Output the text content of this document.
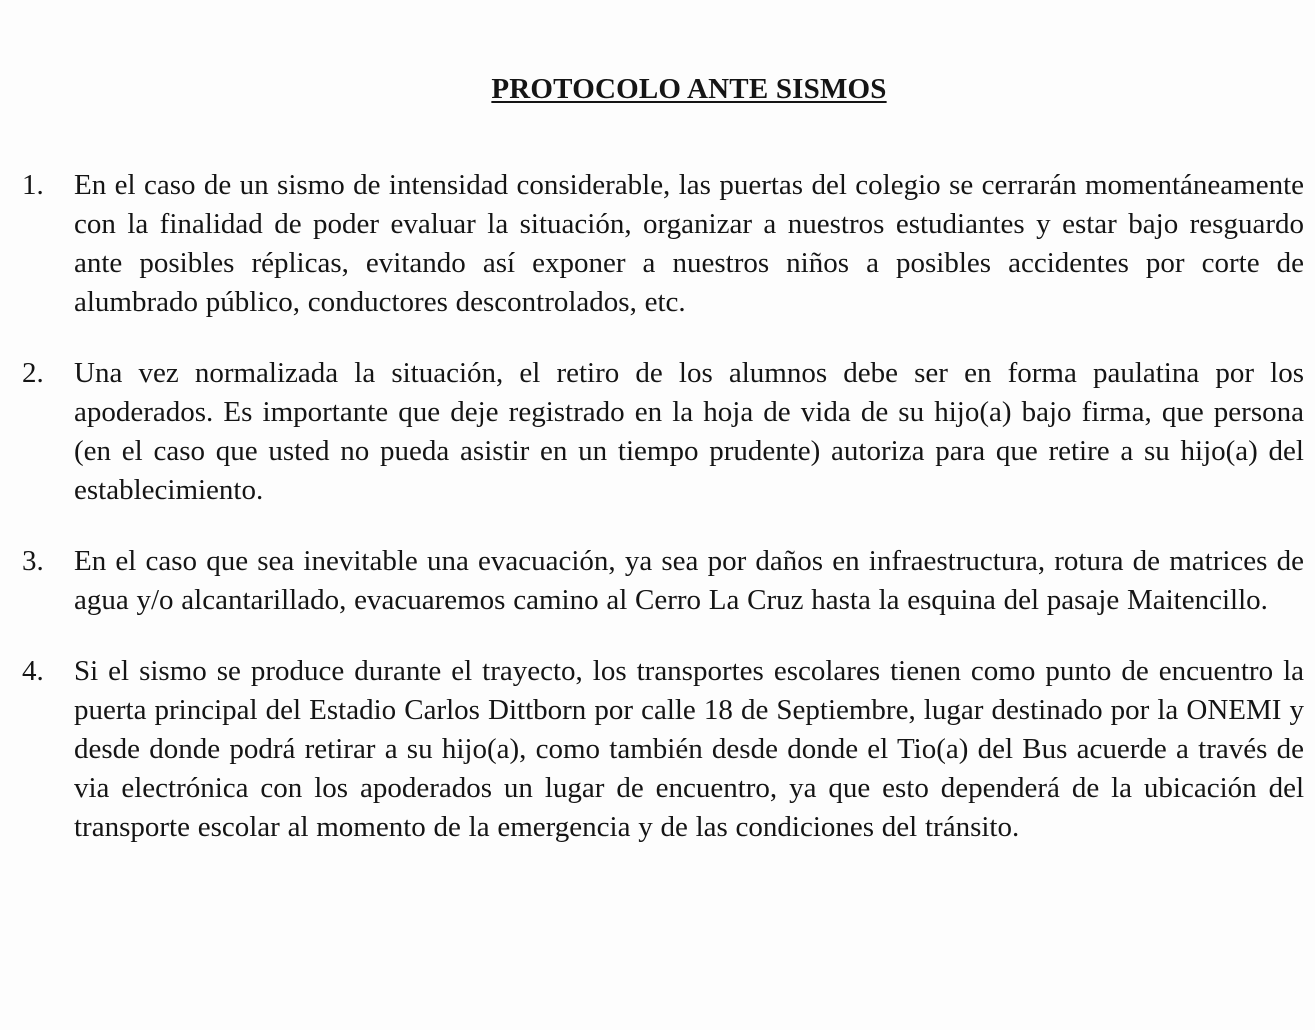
PROTOCOLO ANTE SISMOS
1.	En el caso de un sismo de intensidad considerable, las puertas del colegio se cerrarán momentáneamente con la finalidad de poder evaluar la situación, organizar a nuestros estudiantes y estar bajo resguardo ante posibles réplicas, evitando así exponer a nuestros niños a posibles accidentes por corte de alumbrado público, conductores descontrolados, etc.
2.	Una vez normalizada la situación, el retiro de los alumnos debe ser en forma paulatina por los apoderados. Es importante que deje registrado en la hoja de vida de su hijo(a) bajo firma, que persona (en el caso que usted no pueda asistir en un tiempo prudente) autoriza para que retire a su hijo(a) del establecimiento.
3.	En el caso que sea inevitable una evacuación, ya sea por daños en infraestructura, rotura de matrices de agua y/o alcantarillado, evacuaremos camino al Cerro La Cruz hasta la esquina del pasaje Maitencillo.
4.	Si el sismo se produce durante el trayecto, los transportes escolares tienen como punto de encuentro la puerta principal del Estadio Carlos Dittborn por calle 18 de Septiembre, lugar destinado por la ONEMI y desde donde podrá retirar a su hijo(a), como también desde donde el Tio(a) del Bus acuerde a través de via electrónica con los apoderados un lugar de encuentro, ya que esto dependerá de la ubicación del transporte escolar al momento de la emergencia y de las condiciones del tránsito.
